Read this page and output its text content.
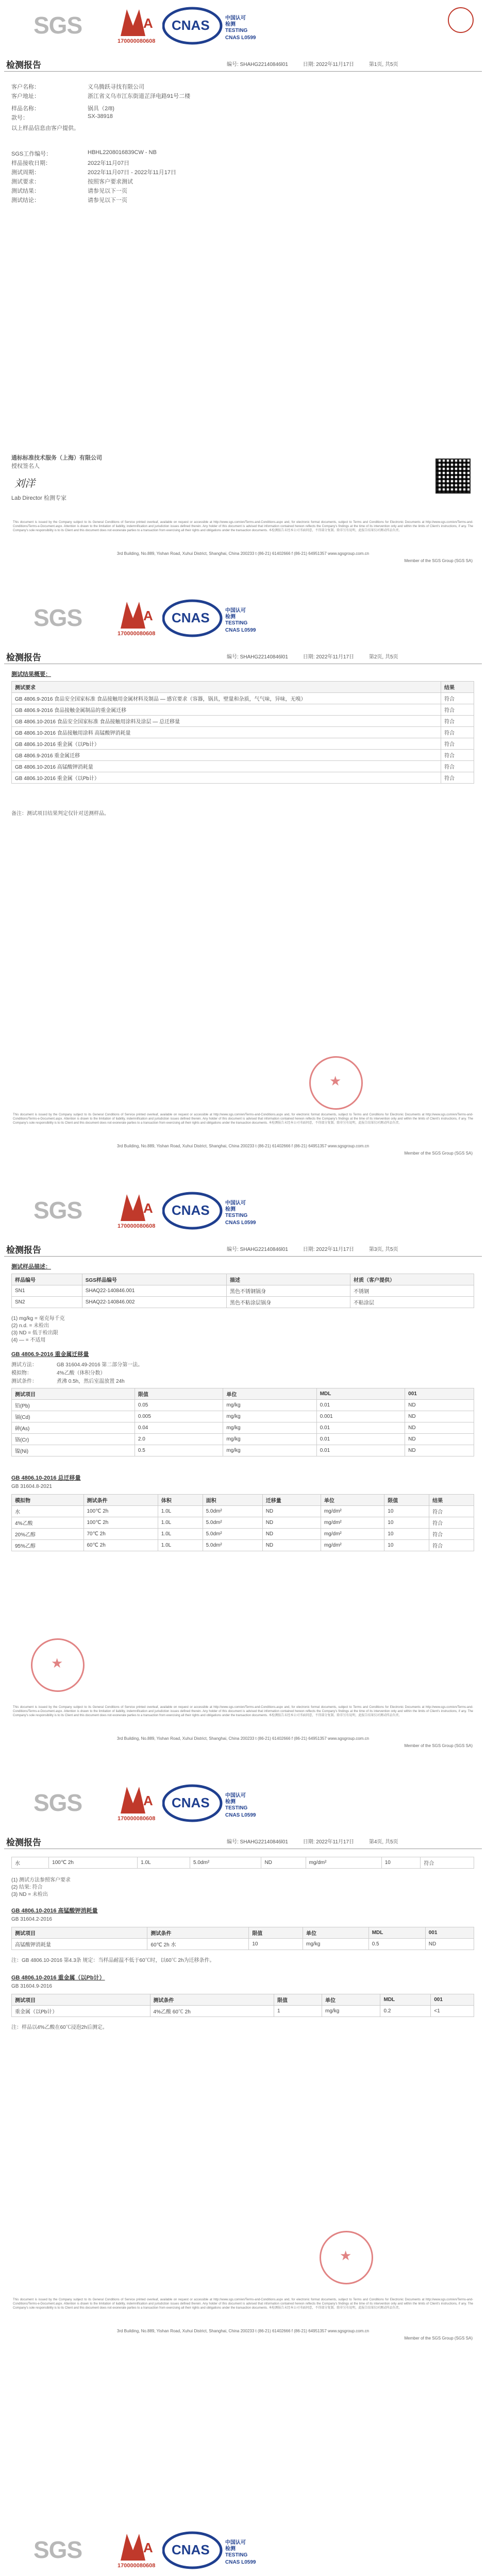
SGS	A
170000080608
CNAS	中国认可
检测
TESTING
CNAS L0599
检测报告	编号: SHAHG22140846l01	日期: 2022年11月17日	第1页, 共5页
客户名称：	义乌腾跃寻找有限公司
客户地址：	浙江省义乌市江东街道芷泽电路91号二楼
样品名称：	锅具（2/8)
款号：	SX-38918
以上样品信息由客户提供。
SGS工作编号：	HBHL2208016839CW - NB
样品接收日期：	2022年11月07日
测试周期：	2022年11月07日 - 2022年11月17日
测试要求：	按照客户要求测试
测试结果：	请参见以下一页
测试结论：	请参见以下一页
通标标准技术服务（上海）有限公司
授权签名人
刘洋
Lab Director 检测专家
This document is issued by the Company subject to its General Conditions of Service printed overleaf, available on request or accessible at http://www.sgs.com/en/Terms-and-Conditions.aspx and, for electronic format documents, subject to Terms and Conditions for Electronic Documents at http://www.sgs.com/en/Terms-and-Conditions/Terms-e-Document.aspx. Attention is drawn to the limitation of liability, indemnification and jurisdiction issues defined therein. Any holder of this document is advised that information contained hereon reflects the Company's findings at the time of its intervention only and within the limits of Client's instructions, if any. The Company's sole responsibility is to its Client and this document does not exonerate parties to a transaction from exercising all their rights and obligations under the transaction documents. 本检测报告未经本公司书面同意，不得部分复制。除非另有说明，此报告结果仅对测试样品负责。
3rd Building, No.889, Yishan Road, Xuhui District, Shanghai, China 200233 t (86-21) 61402666 f (86-21) 64951357 www.sgsgroup.com.cn
Member of the SGS Group (SGS SA)
SGS	A
170000080608
CNAS	中国认可
检测
TESTING
CNAS L0599
检测报告	编号: SHAHG22140846l01	日期: 2022年11月17日	第2页, 共5页
测试结果概要：
测试要求	结果
GB 4806.9-2016 食品安全国家标准 食品接触用金属材料及制品 — 感官要求（容器，锅具，壁量和杂质，气气味，异味，无嗅）	符合
GB 4806.9-2016 食品接触金属制品的重金属迁移	符合
GB 4806.10-2016 食品安全国家标准 食品接触用涂料及涂层 — 总迁移量	符合
GB 4806.10-2016 食品接触用涂料 高锰酸钾消耗量	符合
GB 4806.10-2016 重金属（以Pb计）	符合
GB 4806.9-2016 重金属迁移	符合
GB 4806.10-2016 高锰酸钾消耗量	符合
GB 4806.10-2016 重金属（以Pb计）	符合
备注：测试项目结果判定仅针对送测样品。
★
This document is issued by the Company subject to its General Conditions of Service printed overleaf, available on request or accessible at http://www.sgs.com/en/Terms-and-Conditions.aspx and, for electronic format documents, subject to Terms and Conditions for Electronic Documents at http://www.sgs.com/en/Terms-and-Conditions/Terms-e-Document.aspx. Attention is drawn to the limitation of liability, indemnification and jurisdiction issues defined therein. Any holder of this document is advised that information contained hereon reflects the Company's findings at the time of its intervention only and within the limits of Client's instructions, if any. The Company's sole responsibility is to its Client and this document does not exonerate parties to a transaction from exercising all their rights and obligations under the transaction documents. 本检测报告未经本公司书面同意，不得部分复制。除非另有说明，此报告结果仅对测试样品负责。
3rd Building, No.889, Yishan Road, Xuhui District, Shanghai, China 200233 t (86-21) 61402666 f (86-21) 64951357 www.sgsgroup.com.cn
Member of the SGS Group (SGS SA)
SGS	A
170000080608
CNAS	中国认可
检测
TESTING
CNAS L0599
检测报告	编号: SHAHG22140846l01	日期: 2022年11月17日	第3页, 共5页
测试样品描述：
样品编号	SGS样品编号	描述	材质（客户提供）
SN1	SHAQ22-140846.001	黑色不锈钢锅身	不锈钢
SN2	SHAQ22-140846.002	黑色不粘涂层锅身	不粘涂层
(1) mg/kg = 毫克每千克
(2) n.d. = 未检出
(3) ND = 低于检出限
(4) — = 不适用
GB 4806.9-2016 重金属迁移量
测试方法：	GB 31604.49-2016 第二部分第一法。
模拟物：	4%乙酸（体积分数）
测试条件：	煮沸 0.5h，然后室温放置 24h
测试项目	限值	单位	MDL	001
铅(Pb)	0.05	mg/kg	0.01	ND
镉(Cd)	0.005	mg/kg	0.001	ND
砷(As)	0.04	mg/kg	0.01	ND
铬(Cr)	2.0	mg/kg	0.01	ND
镍(Ni)	0.5	mg/kg	0.01	ND
GB 4806.10-2016 总迁移量
GB 31604.8-2021
模拟物	测试条件	体积	面积	迁移量	单位	限值	结果
水	100℃ 2h	1.0L	5.0dm²	ND	mg/dm²	10	符合
4%乙酸	100℃ 2h	1.0L	5.0dm²	ND	mg/dm²	10	符合
20%乙醇	70℃ 2h	1.0L	5.0dm²	ND	mg/dm²	10	符合
95%乙醇	60℃ 2h	1.0L	5.0dm²	ND	mg/dm²	10	符合
★
This document is issued by the Company subject to its General Conditions of Service printed overleaf, available on request or accessible at http://www.sgs.com/en/Terms-and-Conditions.aspx and, for electronic format documents, subject to Terms and Conditions for Electronic Documents at http://www.sgs.com/en/Terms-and-Conditions/Terms-e-Document.aspx. Attention is drawn to the limitation of liability, indemnification and jurisdiction issues defined therein. Any holder of this document is advised that information contained hereon reflects the Company's findings at the time of its intervention only and within the limits of Client's instructions, if any. The Company's sole responsibility is to its Client and this document does not exonerate parties to a transaction from exercising all their rights and obligations under the transaction documents. 本检测报告未经本公司书面同意，不得部分复制。除非另有说明，此报告结果仅对测试样品负责。
3rd Building, No.889, Yishan Road, Xuhui District, Shanghai, China 200233 t (86-21) 61402666 f (86-21) 64951357 www.sgsgroup.com.cn
Member of the SGS Group (SGS SA)
SGS	A
170000080608
CNAS	中国认可
检测
TESTING
CNAS L0599
检测报告	编号: SHAHG22140846l01	日期: 2022年11月17日	第4页, 共5页
水	100℃ 2h	1.0L	5.0dm²	ND	mg/dm²	10	符合
(1) 测试方法参照客户要求
(2) 结果: 符合
(3) ND = 未检出
GB 4806.10-2016 高锰酸钾消耗量
GB 31604.2-2016
测试项目	测试条件	限值	单位	MDL	001
高锰酸钾消耗量	60℃ 2h 水	10	mg/kg	0.5	ND
注：GB 4806.10-2016 第4.3条 规定：当样品耐温不低于60℃时，以60℃ 2h为迁移条件。
GB 4806.10-2016 重金属（以Pb计）
GB 31604.9-2016
测试项目	测试条件	限值	单位	MDL	001
重金属（以Pb计）	4%乙酸 60℃ 2h	1	mg/kg	0.2	<1
注：样品以4%乙酸在60℃浸泡2h后测定。
★
This document is issued by the Company subject to its General Conditions of Service printed overleaf, available on request or accessible at http://www.sgs.com/en/Terms-and-Conditions.aspx and, for electronic format documents, subject to Terms and Conditions for Electronic Documents at http://www.sgs.com/en/Terms-and-Conditions/Terms-e-Document.aspx. Attention is drawn to the limitation of liability, indemnification and jurisdiction issues defined therein. Any holder of this document is advised that information contained hereon reflects the Company's findings at the time of its intervention only and within the limits of Client's instructions, if any. The Company's sole responsibility is to its Client and this document does not exonerate parties to a transaction from exercising all their rights and obligations under the transaction documents. 本检测报告未经本公司书面同意，不得部分复制。除非另有说明，此报告结果仅对测试样品负责。
3rd Building, No.889, Yishan Road, Xuhui District, Shanghai, China 200233 t (86-21) 61402666 f (86-21) 64951357 www.sgsgroup.com.cn
Member of the SGS Group (SGS SA)
SGS	A
170000080608
CNAS	中国认可
检测
TESTING
CNAS L0599
